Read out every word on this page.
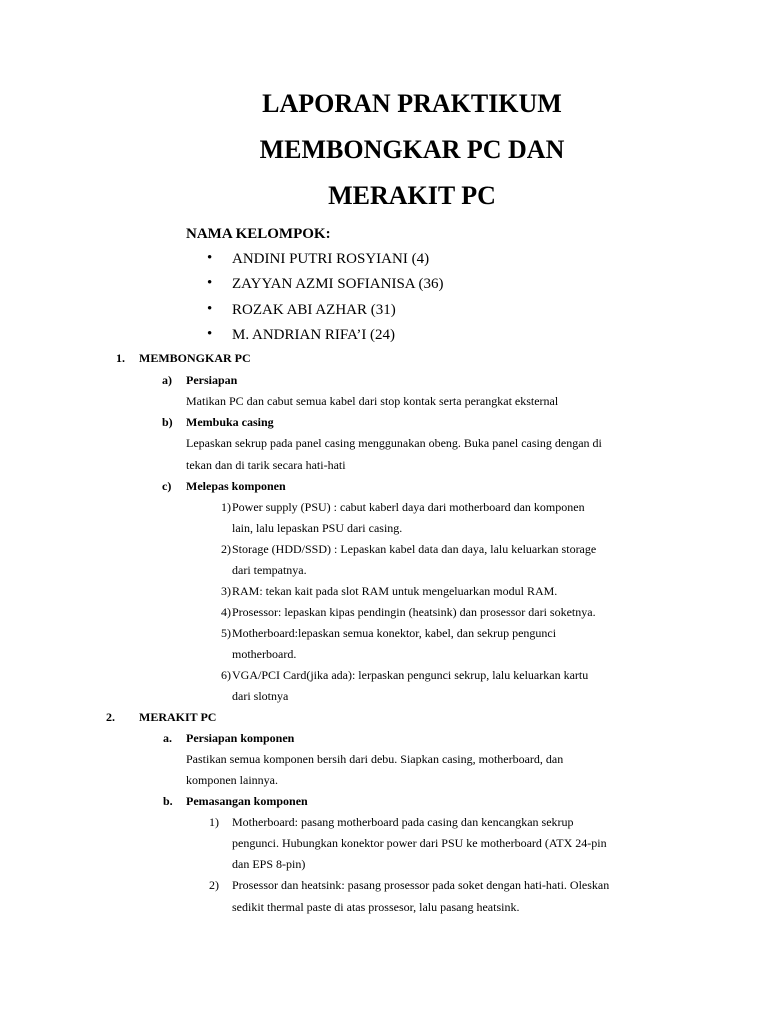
LAPORAN PRAKTIKUM
MEMBONGKAR PC DAN
MERAKIT PC
NAMA KELOMPOK:
• ANDINI PUTRI ROSYIANI (4)
• ZAYYAN AZMI SOFIANISA (36)
• ROZAK ABI AZHAR (31)
• M. ANDRIAN RIFA’I (24)
1. MEMBONGKAR PC
a) Persiapan
Matikan PC dan cabut semua kabel dari stop kontak serta perangkat eksternal
b) Membuka casing
Lepaskan sekrup pada panel casing menggunakan obeng. Buka panel casing dengan di
tekan dan di tarik secara hati-hati
c) Melepas komponen
1) Power supply (PSU) : cabut kaberl daya dari motherboard dan komponen
lain, lalu lepaskan PSU dari casing.
2) Storage (HDD/SSD) : Lepaskan kabel data dan daya, lalu keluarkan storage
dari tempatnya.
3) RAM: tekan kait pada slot RAM untuk mengeluarkan modul RAM.
4) Prosessor: lepaskan kipas pendingin (heatsink) dan prosessor dari soketnya.
5) Motherboard:lepaskan semua konektor, kabel, dan sekrup pengunci
motherboard.
6) VGA/PCI Card(jika ada): lerpaskan pengunci sekrup, lalu keluarkan kartu
dari slotnya
2. MERAKIT PC
a. Persiapan komponen
Pastikan semua komponen bersih dari debu. Siapkan casing, motherboard, dan
komponen lainnya.
b. Pemasangan komponen
1) Motherboard: pasang motherboard pada casing dan kencangkan sekrup
pengunci. Hubungkan konektor power dari PSU ke motherboard (ATX 24-pin
dan EPS 8-pin)
2) Prosessor dan heatsink: pasang prosessor pada soket dengan hati-hati. Oleskan
sedikit thermal paste di atas prossesor, lalu pasang heatsink.
